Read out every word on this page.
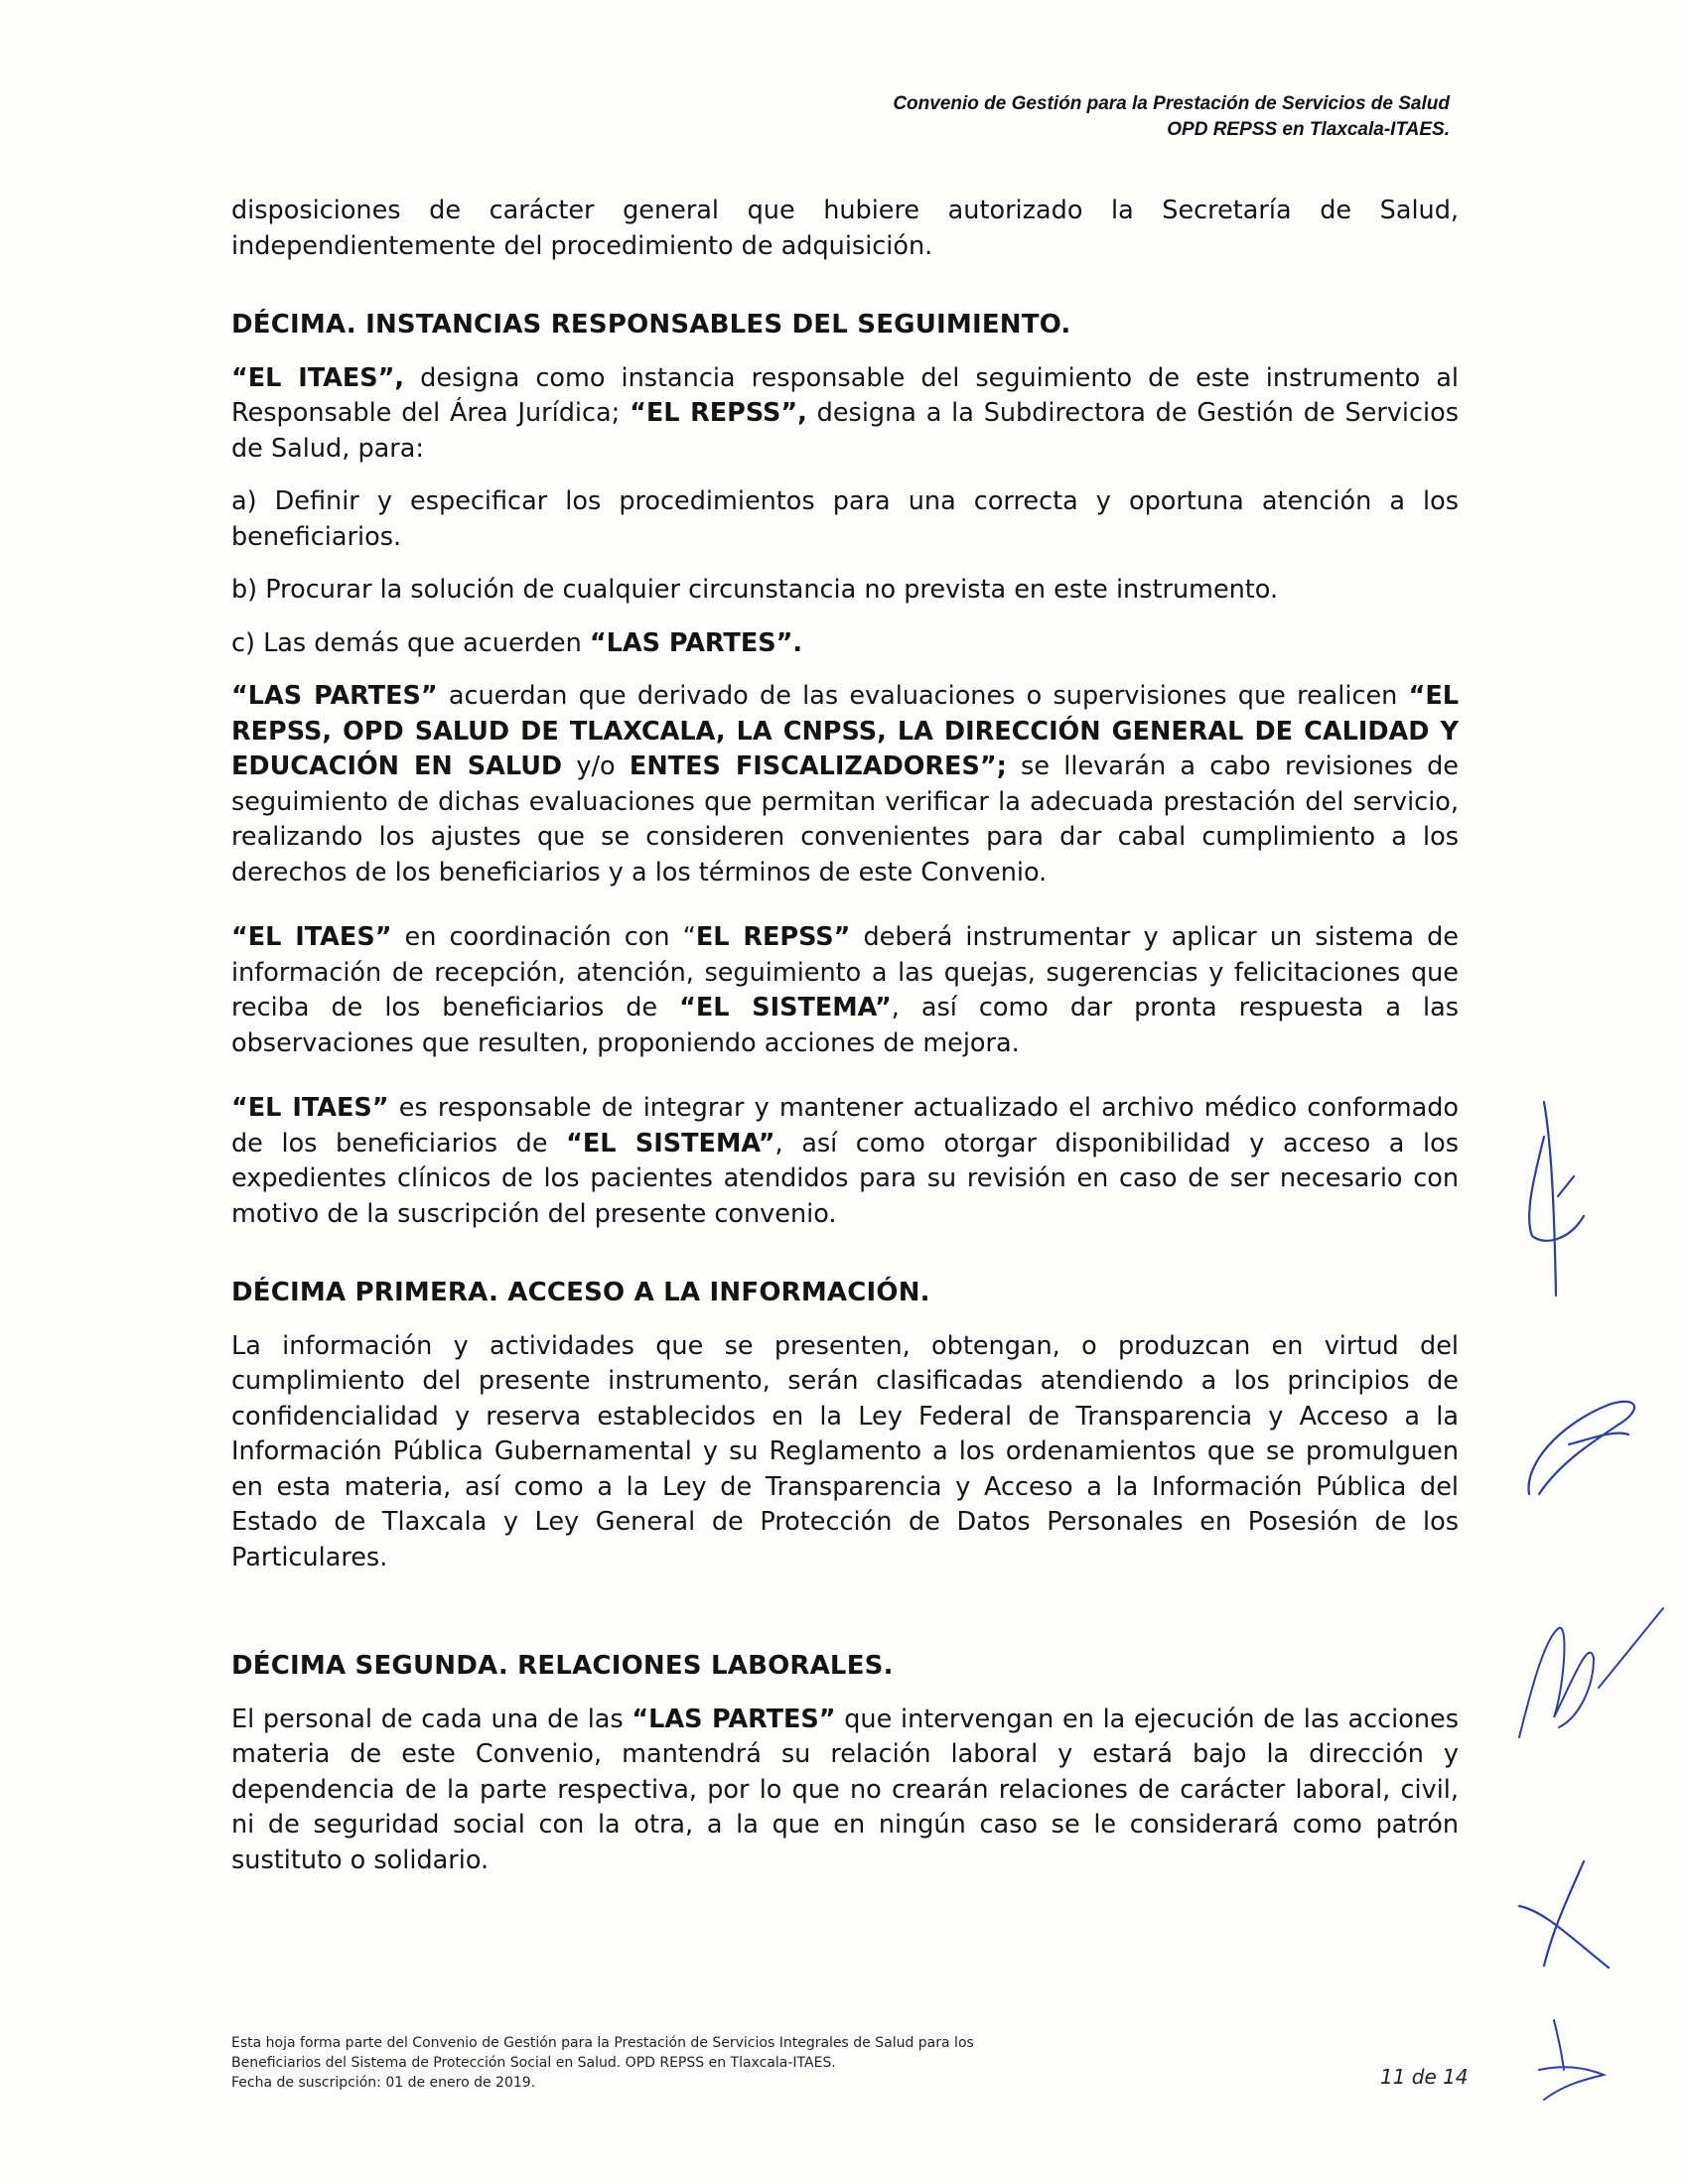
Convenio de Gestión para la Prestación de Servicios de Salud
OPD REPSS en Tlaxcala-ITAES.

disposiciones de carácter general que hubiere autorizado la Secretaría de Salud, independientemente del procedimiento de adquisición.

DÉCIMA. INSTANCIAS RESPONSABLES DEL SEGUIMIENTO.

“EL ITAES”, designa como instancia responsable del seguimiento de este instrumento al Responsable del Área Jurídica; “EL REPSS”, designa a la Subdirectora de Gestión de Servicios de Salud, para:

a) Definir y especificar los procedimientos para una correcta y oportuna atención a los beneficiarios.

b) Procurar la solución de cualquier circunstancia no prevista en este instrumento.

c) Las demás que acuerden “LAS PARTES”.

“LAS PARTES” acuerdan que derivado de las evaluaciones o supervisiones que realicen “EL REPSS, OPD SALUD DE TLAXCALA, LA CNPSS, LA DIRECCIÓN GENERAL DE CALIDAD Y EDUCACIÓN EN SALUD y/o ENTES FISCALIZADORES”; se llevarán a cabo revisiones de seguimiento de dichas evaluaciones que permitan verificar la adecuada prestación del servicio, realizando los ajustes que se consideren convenientes para dar cabal cumplimiento a los derechos de los beneficiarios y a los términos de este Convenio.

“EL ITAES” en coordinación con “EL REPSS” deberá instrumentar y aplicar un sistema de información de recepción, atención, seguimiento a las quejas, sugerencias y felicitaciones que reciba de los beneficiarios de “EL SISTEMA”, así como dar pronta respuesta a las observaciones que resulten, proponiendo acciones de mejora.

“EL ITAES” es responsable de integrar y mantener actualizado el archivo médico conformado de los beneficiarios de “EL SISTEMA”, así como otorgar disponibilidad y acceso a los expedientes clínicos de los pacientes atendidos para su revisión en caso de ser necesario con motivo de la suscripción del presente convenio.

DÉCIMA PRIMERA. ACCESO A LA INFORMACIÓN.

La información y actividades que se presenten, obtengan, o produzcan en virtud del cumplimiento del presente instrumento, serán clasificadas atendiendo a los principios de confidencialidad y reserva establecidos en la Ley Federal de Transparencia y Acceso a la Información Pública Gubernamental y su Reglamento a los ordenamientos que se promulguen en esta materia, así como a la Ley de Transparencia y Acceso a la Información Pública del Estado de Tlaxcala y Ley General de Protección de Datos Personales en Posesión de los Particulares.

DÉCIMA SEGUNDA. RELACIONES LABORALES.

El personal de cada una de las “LAS PARTES” que intervengan en la ejecución de las acciones materia de este Convenio, mantendrá su relación laboral y estará bajo la dirección y dependencia de la parte respectiva, por lo que no crearán relaciones de carácter laboral, civil, ni de seguridad social con la otra, a la que en ningún caso se le considerará como patrón sustituto o solidario.

Esta hoja forma parte del Convenio de Gestión para la Prestación de Servicios Integrales de Salud para los
Beneficiarios del Sistema de Protección Social en Salud. OPD REPSS en Tlaxcala-ITAES.
Fecha de suscripción: 01 de enero de 2019.	11 de 14
